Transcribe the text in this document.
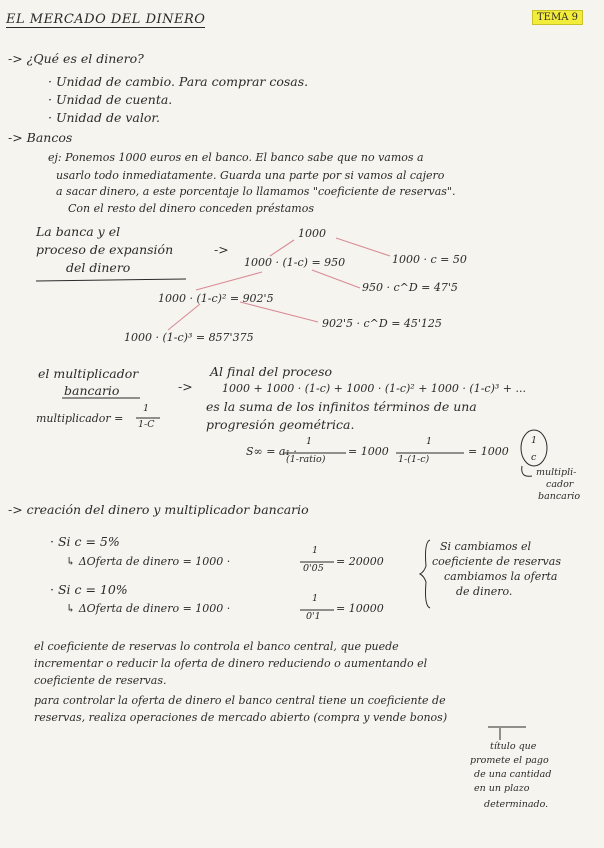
EL MERCADO DEL DINERO	TEMA 9
-> ¿Qué es el dinero?
· Unidad de cambio. Para comprar cosas.
· Unidad de cuenta.
· Unidad de valor.
-> Bancos
ej: Ponemos 1000 euros en el banco. El banco sabe que no vamos a
usarlo todo inmediatamente. Guarda una parte por si vamos al cajero
a sacar dinero, a este porcentaje lo llamamos "coeficiente de reservas".
Con el resto del dinero conceden préstamos
La banca y el
proceso de expansión
del dinero
->
1000
1000 · (1-c) = 950	1000 · c = 50
1000 · (1-c)² = 902'5
950 · c^D = 47'5
1000 · (1-c)³ = 857'375
902'5 · c^D = 45'125
el multiplicador
bancario	->
multiplicador =
1
1-C
Al final del proceso
1000 + 1000 · (1-c) + 1000 · (1-c)² + 1000 · (1-c)³ + ...
es la suma de los infinitos términos de una
progresión geométrica.
S∞ = a₁ ·
1
(1-ratio)
= 1000
1
1-(1-c)
= 1000
1
c
multipli-
cador
bancario
-> creación del dinero y multiplicador bancario
· Si c = 5%
↳ ΔOferta de dinero = 1000 ·
1
0'05
= 20000
· Si c = 10%
↳ ΔOferta de dinero = 1000 ·
1
0'1
= 10000
Si cambiamos el
coeficiente de reservas
cambiamos la oferta
de dinero.
el coeficiente de reservas lo controla el banco central, que puede
incrementar o reducir la oferta de dinero reduciendo o aumentando el
coeficiente de reservas.
para controlar la oferta de dinero el banco central tiene un coeficiente de
reservas, realiza operaciones de mercado abierto (compra y vende bonos)
título que
promete el pago
de una cantidad
en un plazo
determinado.
